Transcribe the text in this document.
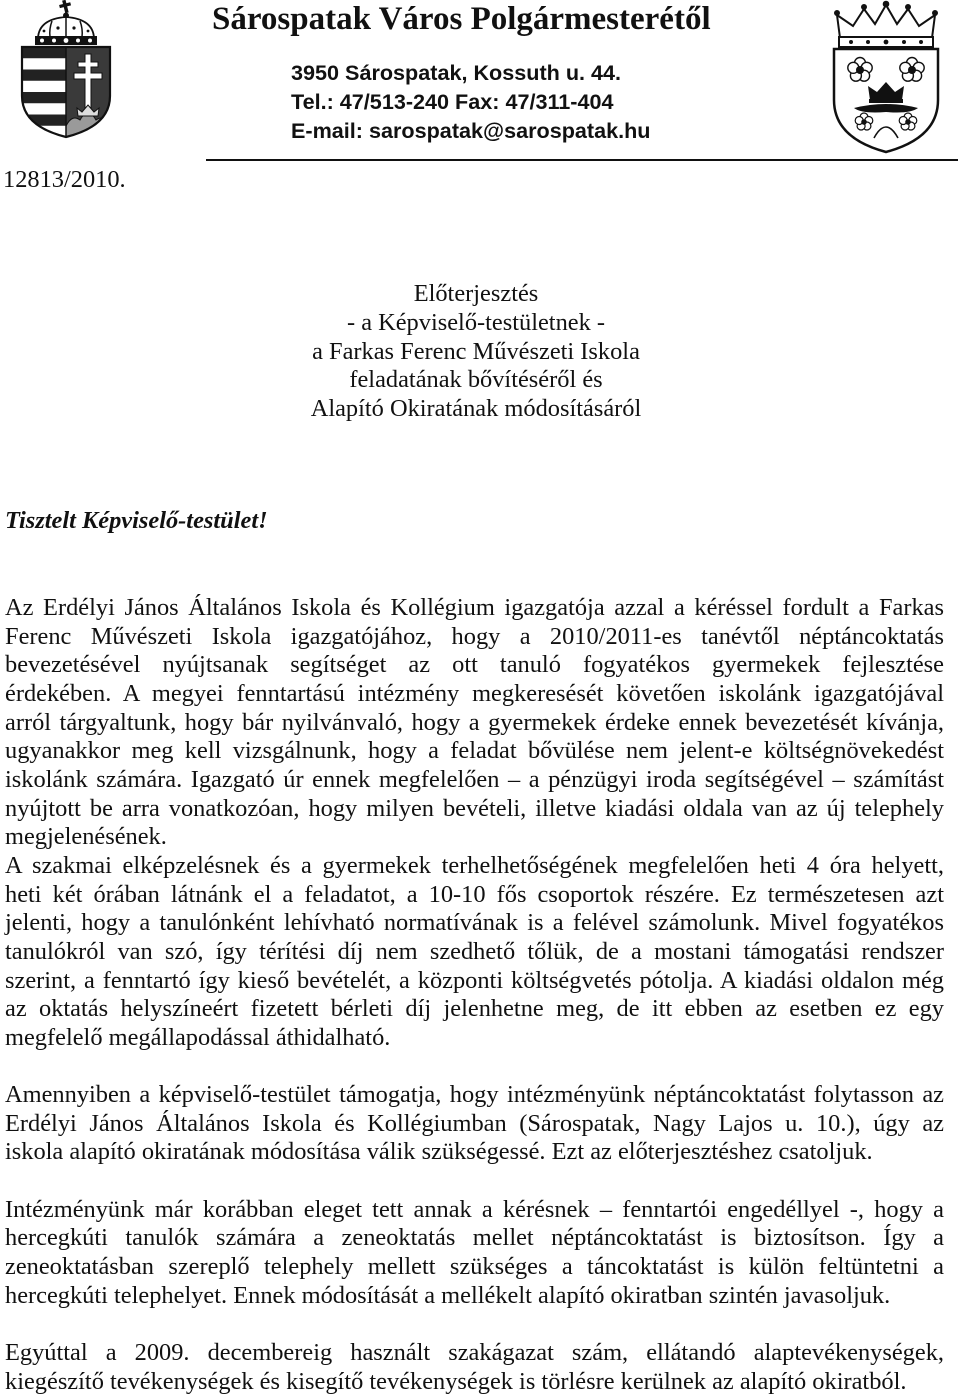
Sárospatak Város Polgármesterétől
3950 Sárospatak, Kossuth u. 44.
Tel.: 47/513-240 Fax: 47/311-404
E-mail: sarospatak@sarospatak.hu
12813/2010.
Előterjesztés
- a Képviselő-testületnek -
a Farkas Ferenc Művészeti Iskola
feladatának bővítéséről és
Alapító Okiratának módosításáról
Tisztelt Képviselő-testület!
Az Erdélyi János Általános Iskola és Kollégium igazgatója azzal a kéréssel fordult a Farkas
Ferenc Művészeti Iskola igazgatójához, hogy a 2010/2011-es tanévtől néptáncoktatás
bevezetésével nyújtsanak segítséget az ott tanuló fogyatékos gyermekek fejlesztése
érdekében. A megyei fenntartású intézmény megkeresését követően iskolánk igazgatójával
arról tárgyaltunk, hogy bár nyilvánvaló, hogy a gyermekek érdeke ennek bevezetését kívánja,
ugyanakkor meg kell vizsgálnunk, hogy a feladat bővülése nem jelent-e költségnövekedést
iskolánk számára. Igazgató úr ennek megfelelően – a pénzügyi iroda segítségével – számítást
nyújtott be arra vonatkozóan, hogy milyen bevételi, illetve kiadási oldala van az új telephely
megjelenésének.
A szakmai elképzelésnek és a gyermekek terhelhetőségének megfelelően heti 4 óra helyett,
heti két órában látnánk el a feladatot, a 10-10 fős csoportok részére. Ez természetesen azt
jelenti, hogy a tanulónként lehívható normatívának is a felével számolunk. Mivel fogyatékos
tanulókról van szó, így térítési díj nem szedhető tőlük, de a mostani támogatási rendszer
szerint, a fenntartó így kieső bevételét, a központi költségvetés pótolja. A kiadási oldalon még
az oktatás helyszíneért fizetett bérleti díj jelenhetne meg, de itt ebben az esetben ez egy
megfelelő megállapodással áthidalható.
Amennyiben a képviselő-testület támogatja, hogy intézményünk néptáncoktatást folytasson az
Erdélyi János Általános Iskola és Kollégiumban (Sárospatak, Nagy Lajos u. 10.), úgy az
iskola alapító okiratának módosítása válik szükségessé. Ezt az előterjesztéshez csatoljuk.
Intézményünk már korábban eleget tett annak a kérésnek – fenntartói engedéllyel -, hogy a
hercegkúti tanulók számára a zeneoktatás mellet néptáncoktatást is biztosítson. Így a
zeneoktatásban szereplő telephely mellett szükséges a táncoktatást is külön feltüntetni a
hercegkúti telephelyet. Ennek módosítását a mellékelt alapító okiratban szintén javasoljuk.
Egyúttal a 2009. decembereig használt szakágazat szám, ellátandó alaptevékenységek,
kiegészítő tevékenységek és kisegítő tevékenységek is törlésre kerülnek az alapító okiratból.
